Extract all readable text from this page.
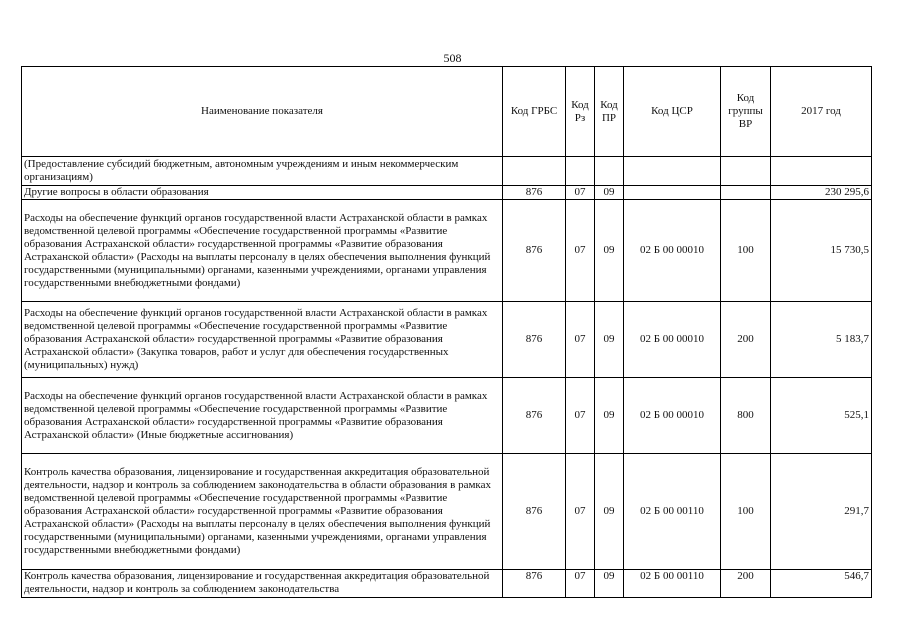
508
Наименование показателя	Код ГРБС	Код Рз	Код ПР	Код ЦСР	Код группы ВР	2017 год
(Предоставление субсидий бюджетным, автономным учреждениям и иным некоммерческим организациям)						
Другие вопросы в области образования	876	07	09			230 295,6
Расходы на обеспечение функций органов государственной власти Астраханской области в рамках ведомственной целевой программы «Обеспечение государственной программы «Развитие образования Астраханской области» государственной программы «Развитие образования Астраханской области» (Расходы на выплаты персоналу в целях обеспечения выполнения функций государственными (муниципальными) органами, казенными учреждениями, органами управления государственными внебюджетными фондами)	876	07	09	02 Б 00 00010	100	15 730,5
Расходы на обеспечение функций органов государственной власти Астраханской области в рамках ведомственной целевой программы «Обеспечение государственной программы «Развитие образования Астраханской области» государственной программы «Развитие образования Астраханской области» (Закупка товаров, работ и услуг для обеспечения государственных (муниципальных) нужд)	876	07	09	02 Б 00 00010	200	5 183,7
Расходы на обеспечение функций органов государственной власти Астраханской области в рамках ведомственной целевой программы «Обеспечение государственной программы «Развитие образования Астраханской области» государственной программы «Развитие образования Астраханской области» (Иные бюджетные ассигнования)	876	07	09	02 Б 00 00010	800	525,1
Контроль качества образования, лицензирование и государственная аккредитация образовательной деятельности, надзор и контроль за соблюдением законодательства в области образования в рамках ведомственной целевой программы «Обеспечение государственной программы «Развитие образования Астраханской области» государственной программы «Развитие образования Астраханской области» (Расходы на выплаты персоналу в целях обеспечения выполнения функций государственными (муниципальными) органами, казенными учреждениями, органами управления государственными внебюджетными фондами)	876	07	09	02 Б 00 00110	100	291,7
Контроль качества образования, лицензирование и государственная аккредитация образовательной деятельности, надзор и контроль за соблюдением законодательства	876	07	09	02 Б 00 00110	200	546,7
